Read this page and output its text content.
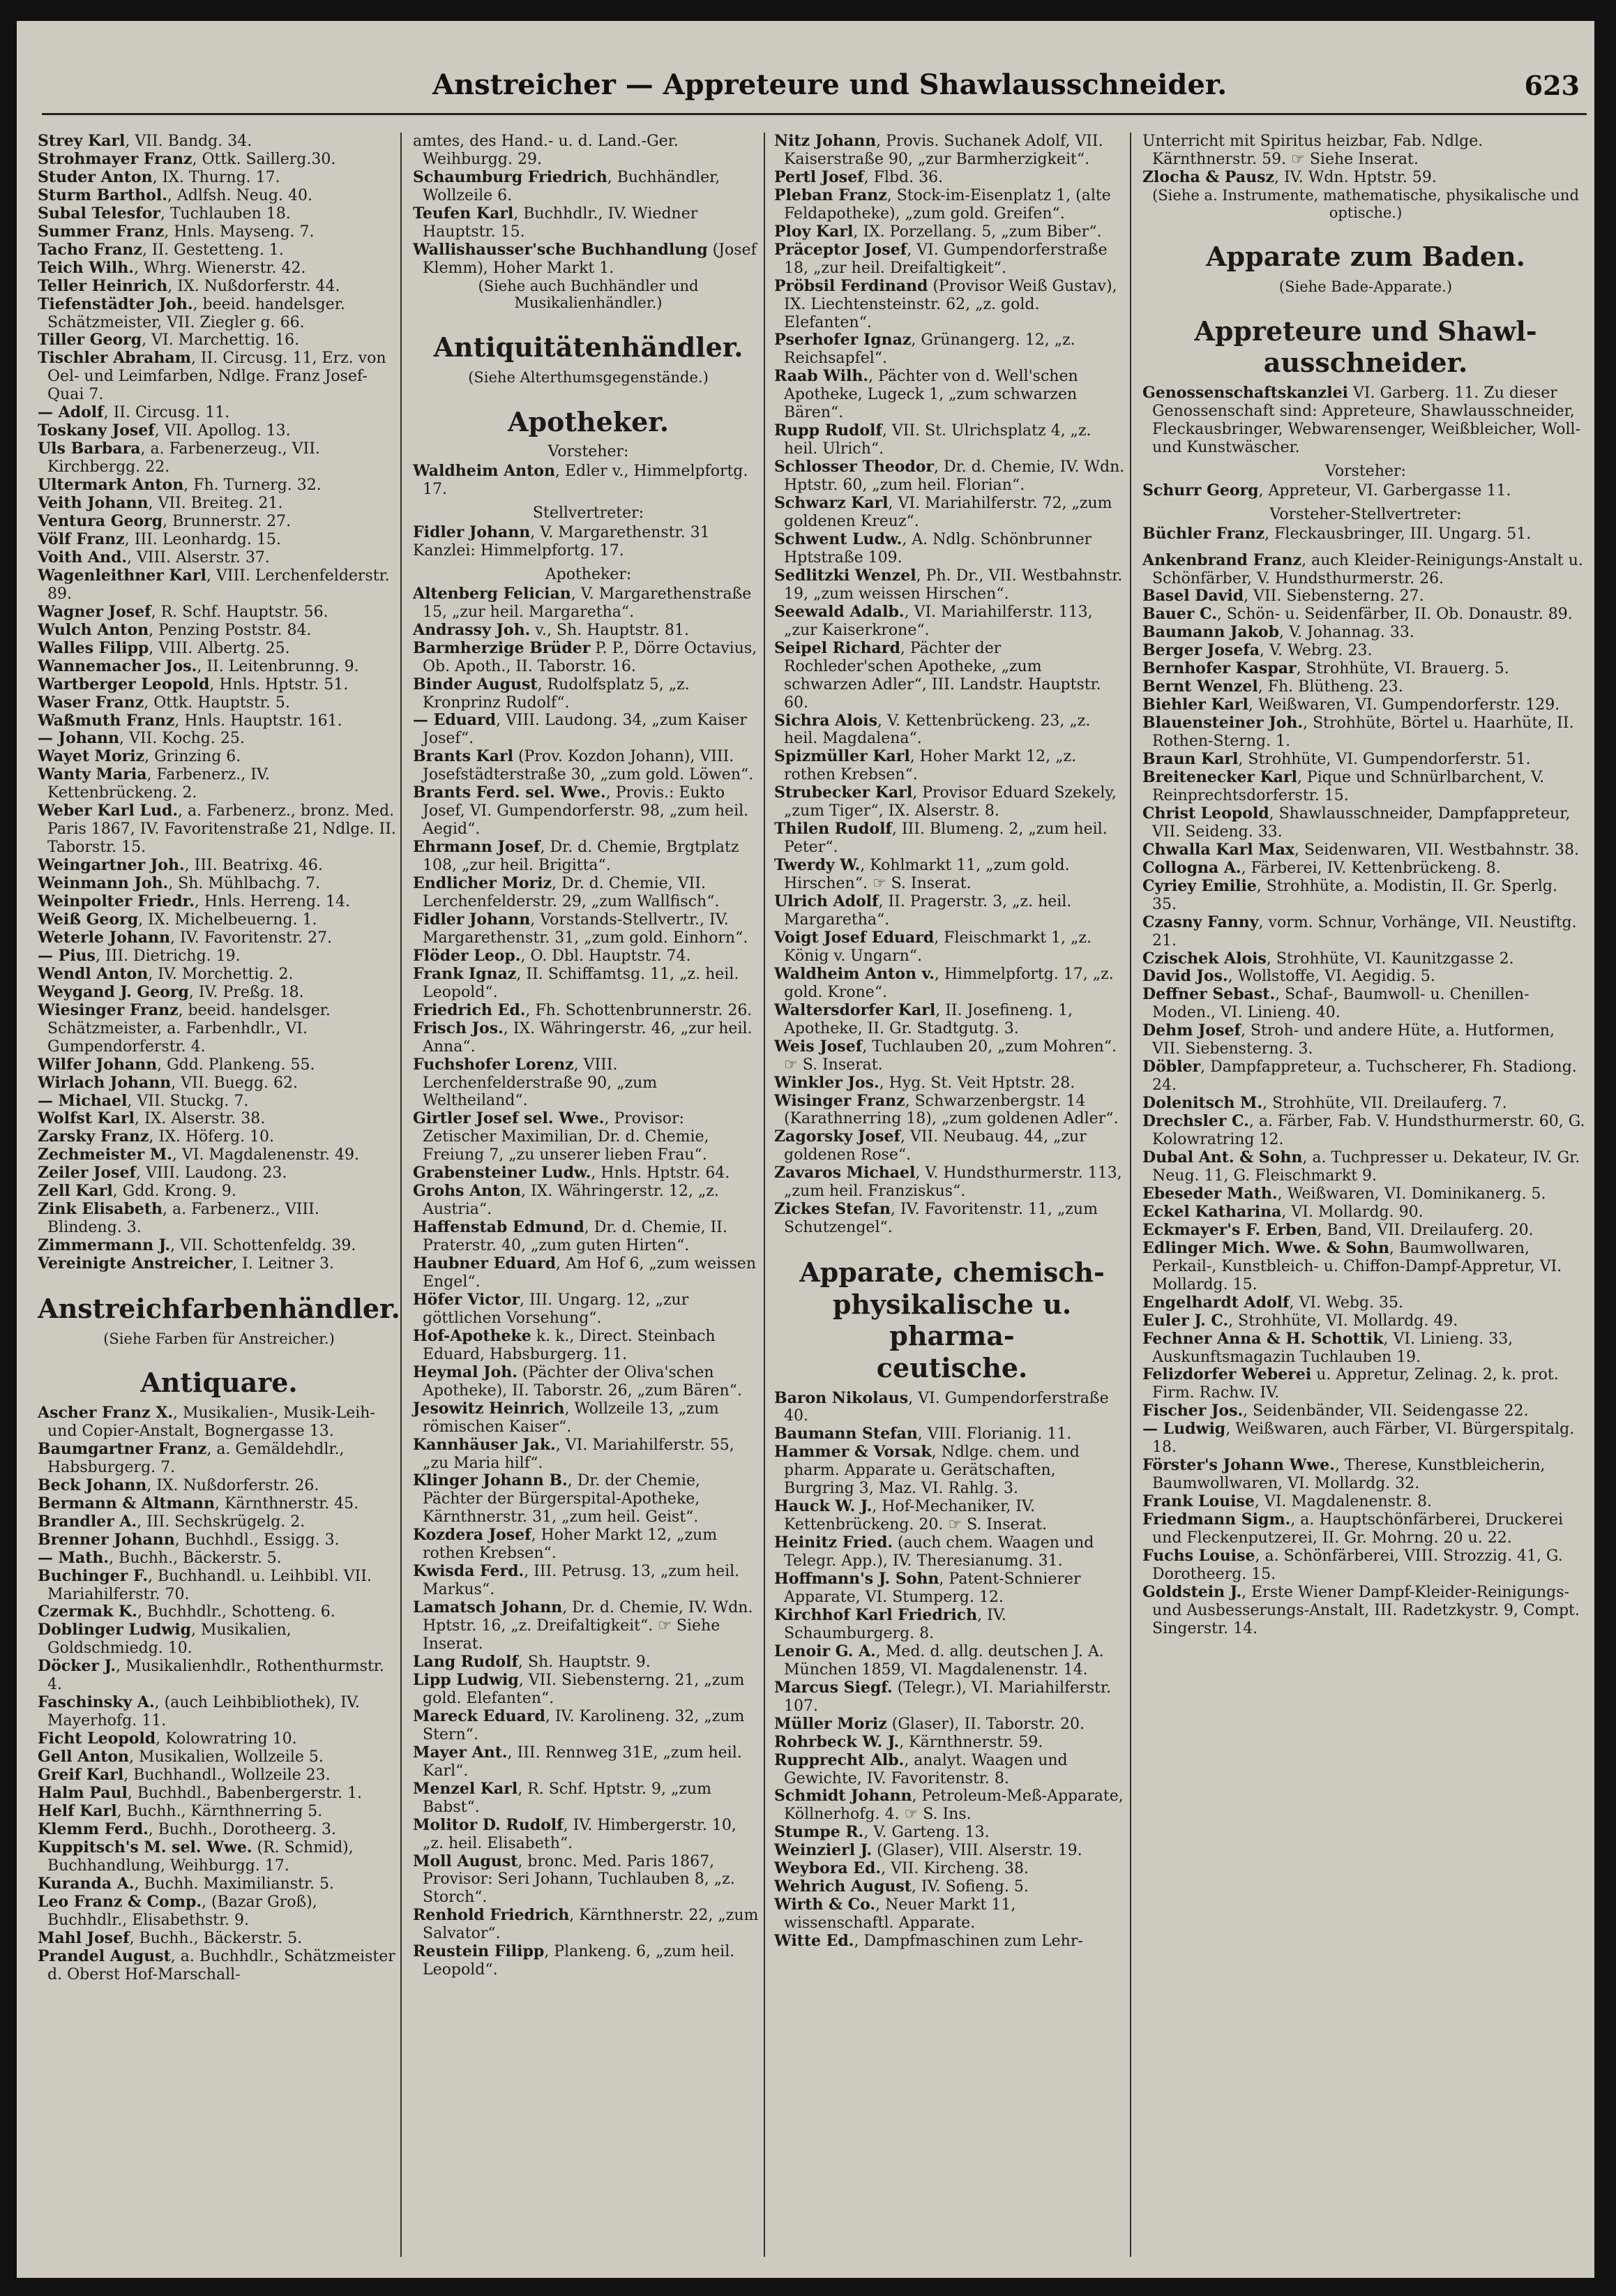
Anstreicher — Appreteure und Shawlausschneider.	623
Strey Karl, VII. Bandg. 34.
Strohmayer Franz, Ottk. Saillerg.30.
Studer Anton, IX. Thurng. 17.
Sturm Barthol., Adlfsh. Neug. 40.
Subal Telesfor, Tuchlauben 18.
Summer Franz, Hnls. Mayseng. 7.
Tacho Franz, II. Gestetteng. 1.
Teich Wilh., Whrg. Wienerstr. 42.
Teller Heinrich, IX. Nußdorferstr. 44.
Tiefenstädter Joh., beeid. handelsger. Schätzmeister, VII. Ziegler g. 66.
Tiller Georg, VI. Marchettig. 16.
Tischler Abraham, II. Circusg. 11, Erz. von Oel- und Leimfarben, Ndlge. Franz Josef-Quai 7.
— Adolf, II. Circusg. 11.
Toskany Josef, VII. Apollog. 13.
Uls Barbara, a. Farbenerzeug., VII. Kirchbergg. 22.
Ultermark Anton, Fh. Turnerg. 32.
Veith Johann, VII. Breiteg. 21.
Ventura Georg, Brunnerstr. 27.
Völf Franz, III. Leonhardg. 15.
Voith And., VIII. Alserstr. 37.
Wagenleithner Karl, VIII. Lerchenfelderstr. 89.
Wagner Josef, R. Schf. Hauptstr. 56.
Wulch Anton, Penzing Poststr. 84.
Walles Filipp, VIII. Albertg. 25.
Wannemacher Jos., II. Leitenbrunng. 9.
Wartberger Leopold, Hnls. Hptstr. 51.
Waser Franz, Ottk. Hauptstr. 5.
Waßmuth Franz, Hnls. Hauptstr. 161.
— Johann, VII. Kochg. 25.
Wayet Moriz, Grinzing 6.
Wanty Maria, Farbenerz., IV. Kettenbrückeng. 2.
Weber Karl Lud., a. Farbenerz., bronz. Med. Paris 1867, IV. Favoritenstraße 21, Ndlge. II. Taborstr. 15.
Weingartner Joh., III. Beatrixg. 46.
Weinmann Joh., Sh. Mühlbachg. 7.
Weinpolter Friedr., Hnls. Herreng. 14.
Weiß Georg, IX. Michelbeuerng. 1.
Weterle Johann, IV. Favoritenstr. 27.
— Pius, III. Dietrichg. 19.
Wendl Anton, IV. Morchettig. 2.
Weygand J. Georg, IV. Preßg. 18.
Wiesinger Franz, beeid. handelsger. Schätzmeister, a. Farbenhdlr., VI. Gumpendorferstr. 4.
Wilfer Johann, Gdd. Plankeng. 55.
Wirlach Johann, VII. Buegg. 62.
— Michael, VII. Stuckg. 7.
Wolfst Karl, IX. Alserstr. 38.
Zarsky Franz, IX. Höferg. 10.
Zechmeister M., VI. Magdalenenstr. 49.
Zeiler Josef, VIII. Laudong. 23.
Zell Karl, Gdd. Krong. 9.
Zink Elisabeth, a. Farbenerz., VIII. Blindeng. 3.
Zimmermann J., VII. Schottenfeldg. 39.
Vereinigte Anstreicher, I. Leitner 3.
Anstreichfarbenhändler.
(Siehe Farben für Anstreicher.)
Antiquare.
Ascher Franz X., Musikalien-, Musik-Leih- und Copier-Anstalt, Bognergasse 13.
Baumgartner Franz, a. Gemäldehdlr., Habsburgerg. 7.
Beck Johann, IX. Nußdorferstr. 26.
Bermann & Altmann, Kärnthnerstr. 45.
Brandler A., III. Sechskrügelg. 2.
Brenner Johann, Buchhdl., Essigg. 3.
— Math., Buchh., Bäckerstr. 5.
Buchinger F., Buchhandl. u. Leihbibl. VII. Mariahilferstr. 70.
Czermak K., Buchhdlr., Schotteng. 6.
Doblinger Ludwig, Musikalien, Goldschmiedg. 10.
Döcker J., Musikalienhdlr., Rothenthurmstr. 4.
Faschinsky A., (auch Leihbibliothek), IV. Mayerhofg. 11.
Ficht Leopold, Kolowratring 10.
Gell Anton, Musikalien, Wollzeile 5.
Greif Karl, Buchhandl., Wollzeile 23.
Halm Paul, Buchhdl., Babenbergerstr. 1.
Helf Karl, Buchh., Kärnthnerring 5.
Klemm Ferd., Buchh., Dorotheerg. 3.
Kuppitsch's M. sel. Wwe. (R. Schmid), Buchhandlung, Weihburgg. 17.
Kuranda A., Buchh. Maximilianstr. 5.
Leo Franz & Comp., (Bazar Groß), Buchhdlr., Elisabethstr. 9.
Mahl Josef, Buchh., Bäckerstr. 5.
Prandel August, a. Buchhdlr., Schätzmeister d. Oberst Hof-Marschall-
amtes, des Hand.- u. d. Land.-Ger. Weihburgg. 29.
Schaumburg Friedrich, Buchhändler, Wollzeile 6.
Teufen Karl, Buchhdlr., IV. Wiedner Hauptstr. 15.
Wallishausser'sche Buchhandlung (Josef Klemm), Hoher Markt 1.
(Siehe auch Buchhändler und Musikalienhändler.)
Antiquitätenhändler.
(Siehe Alterthumsgegenstände.)
Apotheker.
Vorsteher:
Waldheim Anton, Edler v., Himmelpfortg. 17.
Stellvertreter:
Fidler Johann, V. Margarethenstr. 31
Kanzlei: Himmelpfortg. 17.
Apotheker:
Altenberg Felician, V. Margarethenstraße 15, „zur heil. Margaretha“.
Andrassy Joh. v., Sh. Hauptstr. 81.
Barmherzige Brüder P. P., Dörre Octavius, Ob. Apoth., II. Taborstr. 16.
Binder August, Rudolfsplatz 5, „z. Kronprinz Rudolf“.
— Eduard, VIII. Laudong. 34, „zum Kaiser Josef“.
Brants Karl (Prov. Kozdon Johann), VIII. Josefstädterstraße 30, „zum gold. Löwen“.
Brants Ferd. sel. Wwe., Provis.: Eukto Josef, VI. Gumpendorferstr. 98, „zum heil. Aegid“.
Ehrmann Josef, Dr. d. Chemie, Brgtplatz 108, „zur heil. Brigitta“.
Endlicher Moriz, Dr. d. Chemie, VII. Lerchenfelderstr. 29, „zum Wallfisch“.
Fidler Johann, Vorstands-Stellvertr., IV. Margarethenstr. 31, „zum gold. Einhorn“.
Flöder Leop., O. Dbl. Hauptstr. 74.
Frank Ignaz, II. Schiffamtsg. 11, „z. heil. Leopold“.
Friedrich Ed., Fh. Schottenbrunnerstr. 26.
Frisch Jos., IX. Währingerstr. 46, „zur heil. Anna“.
Fuchshofer Lorenz, VIII. Lerchenfelderstraße 90, „zum Weltheiland“.
Girtler Josef sel. Wwe., Provisor: Zetischer Maximilian, Dr. d. Chemie, Freiung 7, „zu unserer lieben Frau“.
Grabensteiner Ludw., Hnls. Hptstr. 64.
Grohs Anton, IX. Währingerstr. 12, „z. Austria“.
Haffenstab Edmund, Dr. d. Chemie, II. Praterstr. 40, „zum guten Hirten“.
Haubner Eduard, Am Hof 6, „zum weissen Engel“.
Höfer Victor, III. Ungarg. 12, „zur göttlichen Vorsehung“.
Hof-Apotheke k. k., Direct. Steinbach Eduard, Habsburgerg. 11.
Heymal Joh. (Pächter der Oliva'schen Apotheke), II. Taborstr. 26, „zum Bären“.
Jesowitz Heinrich, Wollzeile 13, „zum römischen Kaiser“.
Kannhäuser Jak., VI. Mariahilferstr. 55, „zu Maria hilf“.
Klinger Johann B., Dr. der Chemie, Pächter der Bürgerspital-Apotheke, Kärnthnerstr. 31, „zum heil. Geist“.
Kozdera Josef, Hoher Markt 12, „zum rothen Krebsen“.
Kwisda Ferd., III. Petrusg. 13, „zum heil. Markus“.
Lamatsch Johann, Dr. d. Chemie, IV. Wdn. Hptstr. 16, „z. Dreifaltigkeit“. ☞ Siehe Inserat.
Lang Rudolf, Sh. Hauptstr. 9.
Lipp Ludwig, VII. Siebensterng. 21, „zum gold. Elefanten“.
Mareck Eduard, IV. Karolineng. 32, „zum Stern“.
Mayer Ant., III. Rennweg 31E, „zum heil. Karl“.
Menzel Karl, R. Schf. Hptstr. 9, „zum Babst“.
Molitor D. Rudolf, IV. Himbergerstr. 10, „z. heil. Elisabeth“.
Moll August, bronc. Med. Paris 1867, Provisor: Seri Johann, Tuchlauben 8, „z. Storch“.
Renhold Friedrich, Kärnthnerstr. 22, „zum Salvator“.
Reustein Filipp, Plankeng. 6, „zum heil. Leopold“.
Nitz Johann, Provis. Suchanek Adolf, VII. Kaiserstraße 90, „zur Barmherzigkeit“.
Pertl Josef, Flbd. 36.
Pleban Franz, Stock-im-Eisenplatz 1, (alte Feldapotheke), „zum gold. Greifen“.
Ploy Karl, IX. Porzellang. 5, „zum Biber“.
Präceptor Josef, VI. Gumpendorferstraße 18, „zur heil. Dreifaltigkeit“.
Pröbsil Ferdinand (Provisor Weiß Gustav), IX. Liechtensteinstr. 62, „z. gold. Elefanten“.
Pserhofer Ignaz, Grünangerg. 12, „z. Reichsapfel“.
Raab Wilh., Pächter von d. Well'schen Apotheke, Lugeck 1, „zum schwarzen Bären“.
Rupp Rudolf, VII. St. Ulrichsplatz 4, „z. heil. Ulrich“.
Schlosser Theodor, Dr. d. Chemie, IV. Wdn. Hptstr. 60, „zum heil. Florian“.
Schwarz Karl, VI. Mariahilferstr. 72, „zum goldenen Kreuz“.
Schwent Ludw., A. Ndlg. Schönbrunner Hptstraße 109.
Sedlitzki Wenzel, Ph. Dr., VII. Westbahnstr. 19, „zum weissen Hirschen“.
Seewald Adalb., VI. Mariahilferstr. 113, „zur Kaiserkrone“.
Seipel Richard, Pächter der Rochleder'schen Apotheke, „zum schwarzen Adler“, III. Landstr. Hauptstr. 60.
Sichra Alois, V. Kettenbrückeng. 23, „z. heil. Magdalena“.
Spizmüller Karl, Hoher Markt 12, „z. rothen Krebsen“.
Strubecker Karl, Provisor Eduard Szekely, „zum Tiger“, IX. Alserstr. 8.
Thilen Rudolf, III. Blumeng. 2, „zum heil. Peter“.
Twerdy W., Kohlmarkt 11, „zum gold. Hirschen“. ☞ S. Inserat.
Ulrich Adolf, II. Pragerstr. 3, „z. heil. Margaretha“.
Voigt Josef Eduard, Fleischmarkt 1, „z. König v. Ungarn“.
Waldheim Anton v., Himmelpfortg. 17, „z. gold. Krone“.
Waltersdorfer Karl, II. Josefineng. 1, Apotheke, II. Gr. Stadtgutg. 3.
Weis Josef, Tuchlauben 20, „zum Mohren“. ☞ S. Inserat.
Winkler Jos., Hyg. St. Veit Hptstr. 28.
Wisinger Franz, Schwarzenbergstr. 14 (Karathnerring 18), „zum goldenen Adler“.
Zagorsky Josef, VII. Neubaug. 44, „zur goldenen Rose“.
Zavaros Michael, V. Hundsthurmerstr. 113, „zum heil. Franziskus“.
Zickes Stefan, IV. Favoritenstr. 11, „zum Schutzengel“.
Apparate, chemisch-
physikalische u. pharma-
ceutische.
Baron Nikolaus, VI. Gumpendorferstraße 40.
Baumann Stefan, VIII. Florianig. 11.
Hammer & Vorsak, Ndlge. chem. und pharm. Apparate u. Gerätschaften, Burgring 3, Maz. VI. Rahlg. 3.
Hauck W. J., Hof-Mechaniker, IV. Kettenbrückeng. 20. ☞ S. Inserat.
Heinitz Fried. (auch chem. Waagen und Telegr. App.), IV. Theresianumg. 31.
Hoffmann's J. Sohn, Patent-Schnierer Apparate, VI. Stumperg. 12.
Kirchhof Karl Friedrich, IV. Schaumburgerg. 8.
Lenoir G. A., Med. d. allg. deutschen J. A. München 1859, VI. Magdalenenstr. 14.
Marcus Siegf. (Telegr.), VI. Mariahilferstr. 107.
Müller Moriz (Glaser), II. Taborstr. 20.
Rohrbeck W. J., Kärnthnerstr. 59.
Rupprecht Alb., analyt. Waagen und Gewichte, IV. Favoritenstr. 8.
Schmidt Johann, Petroleum-Meß-Apparate, Köllnerhofg. 4. ☞ S. Ins.
Stumpe R., V. Garteng. 13.
Weinzierl J. (Glaser), VIII. Alserstr. 19.
Weybora Ed., VII. Kircheng. 38.
Wehrich August, IV. Sofieng. 5.
Wirth & Co., Neuer Markt 11, wissenschaftl. Apparate.
Witte Ed., Dampfmaschinen zum Lehr-
Unterricht mit Spiritus heizbar, Fab. Ndlge. Kärnthnerstr. 59. ☞ Siehe Inserat.
Zlocha & Pausz, IV. Wdn. Hptstr. 59.
(Siehe a. Instrumente, mathematische, physikalische und optische.)
Apparate zum Baden.
(Siehe Bade-Apparate.)
Appreteure und Shawl-
ausschneider.
Genossenschaftskanzlei VI. Garberg. 11. Zu dieser Genossenschaft sind: Appreteure, Shawlausschneider, Fleckausbringer, Webwarensenger, Weißbleicher, Woll- und Kunstwäscher.
Vorsteher:
Schurr Georg, Appreteur, VI. Garbergasse 11.
Vorsteher-Stellvertreter:
Büchler Franz, Fleckausbringer, III. Ungarg. 51.
Ankenbrand Franz, auch Kleider-Reinigungs-Anstalt u. Schönfärber, V. Hundsthurmerstr. 26.
Basel David, VII. Siebensterng. 27.
Bauer C., Schön- u. Seidenfärber, II. Ob. Donaustr. 89.
Baumann Jakob, V. Johannag. 33.
Berger Josefa, V. Webrg. 23.
Bernhofer Kaspar, Strohhüte, VI. Brauerg. 5.
Bernt Wenzel, Fh. Blütheng. 23.
Biehler Karl, Weißwaren, VI. Gumpendorferstr. 129.
Blauensteiner Joh., Strohhüte, Börtel u. Haarhüte, II. Rothen-Sterng. 1.
Braun Karl, Strohhüte, VI. Gumpendorferstr. 51.
Breitenecker Karl, Pique und Schnürlbarchent, V. Reinprechtsdorferstr. 15.
Christ Leopold, Shawlausschneider, Dampfappreteur, VII. Seideng. 33.
Chwalla Karl Max, Seidenwaren, VII. Westbahnstr. 38.
Collogna A., Färberei, IV. Kettenbrückeng. 8.
Cyriey Emilie, Strohhüte, a. Modistin, II. Gr. Sperlg. 35.
Czasny Fanny, vorm. Schnur, Vorhänge, VII. Neustiftg. 21.
Czischek Alois, Strohhüte, VI. Kaunitzgasse 2.
David Jos., Wollstoffe, VI. Aegidig. 5.
Deffner Sebast., Schaf-, Baumwoll- u. Chenillen-Moden., VI. Linieng. 40.
Dehm Josef, Stroh- und andere Hüte, a. Hutformen, VII. Siebensterng. 3.
Döbler, Dampfappreteur, a. Tuchscherer, Fh. Stadiong. 24.
Dolenitsch M., Strohhüte, VII. Dreilauferg. 7.
Drechsler C., a. Färber, Fab. V. Hundsthurmerstr. 60, G. Kolowratring 12.
Dubal Ant. & Sohn, a. Tuchpresser u. Dekateur, IV. Gr. Neug. 11, G. Fleischmarkt 9.
Ebeseder Math., Weißwaren, VI. Dominikanerg. 5.
Eckel Katharina, VI. Mollardg. 90.
Eckmayer's F. Erben, Band, VII. Dreilauferg. 20.
Edlinger Mich. Wwe. & Sohn, Baumwollwaren, Perkail-, Kunstbleich- u. Chiffon-Dampf-Appretur, VI. Mollardg. 15.
Engelhardt Adolf, VI. Webg. 35.
Euler J. C., Strohhüte, VI. Mollardg. 49.
Fechner Anna & H. Schottik, VI. Linieng. 33, Auskunftsmagazin Tuchlauben 19.
Felizdorfer Weberei u. Appretur, Zelinag. 2, k. prot. Firm. Rachw. IV.
Fischer Jos., Seidenbänder, VII. Seidengasse 22.
— Ludwig, Weißwaren, auch Färber, VI. Bürgerspitalg. 18.
Förster's Johann Wwe., Therese, Kunstbleicherin, Baumwollwaren, VI. Mollardg. 32.
Frank Louise, VI. Magdalenenstr. 8.
Friedmann Sigm., a. Hauptschönfärberei, Druckerei und Fleckenputzerei, II. Gr. Mohrng. 20 u. 22.
Fuchs Louise, a. Schönfärberei, VIII. Strozzig. 41, G. Dorotheerg. 15.
Goldstein J., Erste Wiener Dampf-Kleider-Reinigungs- und Ausbesserungs-Anstalt, III. Radetzkystr. 9, Compt. Singerstr. 14.
